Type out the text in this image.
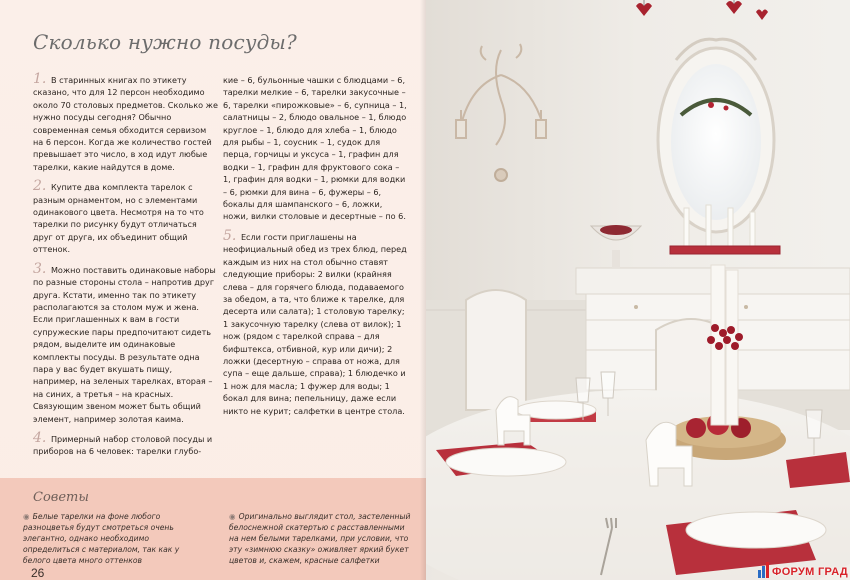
Сколько нужно посуды?

1. В старинных книгах по этикету сказано, что для 12 персон необходимо около 70 столовых предметов. Сколько же нужно посуды сегодня? Обычно современная семья обходится сервизом на 6 персон. Когда же количество гостей превышает это число, в ход идут любые тарелки, какие найдутся в доме.

2. Купите два комплекта тарелок с разным орнаментом, но с элементами одинакового цвета. Несмотря на то что тарелки по рисунку будут отличаться друг от друга, их объединит общий оттенок.

3. Можно поставить одинаковые наборы по разные стороны стола – напротив друг друга. Кстати, именно так по этикету располагаются за столом муж и жена. Если приглашенных к вам в гости супружеские пары предпочитают сидеть рядом, выделите им одинаковые комплекты посуды. В результате одна пара у вас будет вкушать пищу, например, на зеленых тарелках, вторая – на синих, а третья – на красных. Связующим звеном может быть общий элемент, например золотая каима.

4. Примерный набор столовой посуды и приборов на 6 человек: тарелки глубо-

кие – 6, бульонные чашки с блюдцами – 6, тарелки мелкие – 6, тарелки закусочные – 6, тарелки «пирожковые» – 6, супница – 1, салатницы – 2, блюдо овальное – 1, блюдо круглое – 1, блюдо для хлеба – 1, блюдо для рыбы – 1, соусник – 1, судок для перца, горчицы и уксуса – 1, графин для водки – 1, графин для фруктового сока – 1, графин для водки – 1, рюмки для водки – 6, рюмки для вина – 6, фужеры – 6, бокалы для шампанского – 6, ложки, ножи, вилки столовые и десертные – по 6.

5. Если гости приглашены на неофициальный обед из трех блюд, перед каждым из них на стол обычно ставят следующие приборы: 2 вилки (крайняя слева – для горячего блюда, подаваемого за обедом, а та, что ближе к тарелке, для десерта или салата); 1 столовую тарелку; 1 закусочную тарелку (слева от вилок); 1 нож (рядом с тарелкой справа – для бифштекса, отбивной, кур или дичи); 2 ложки (десертную – справа от ножа, для супа – еще дальше, справа); 1 блюдечко и 1 нож для масла; 1 фужер для воды; 1 бокал для вина; пепельницу, даже если никто не курит; салфетки в центре стола.

Советы
◉ Белые тарелки на фоне любого разноцветья будут смотреться очень элегантно, однако необходимо определиться с материалом, так как у белого цвета много оттенков
◉ Оригинально выглядит стол, застеленный белоснежной скатертью с расставленными на нем белыми тарелками, при условии, что эту «зимнюю сказку» оживляет яркий букет цветов и, скажем, красные салфетки
26	ФОРУМ ГРАД
